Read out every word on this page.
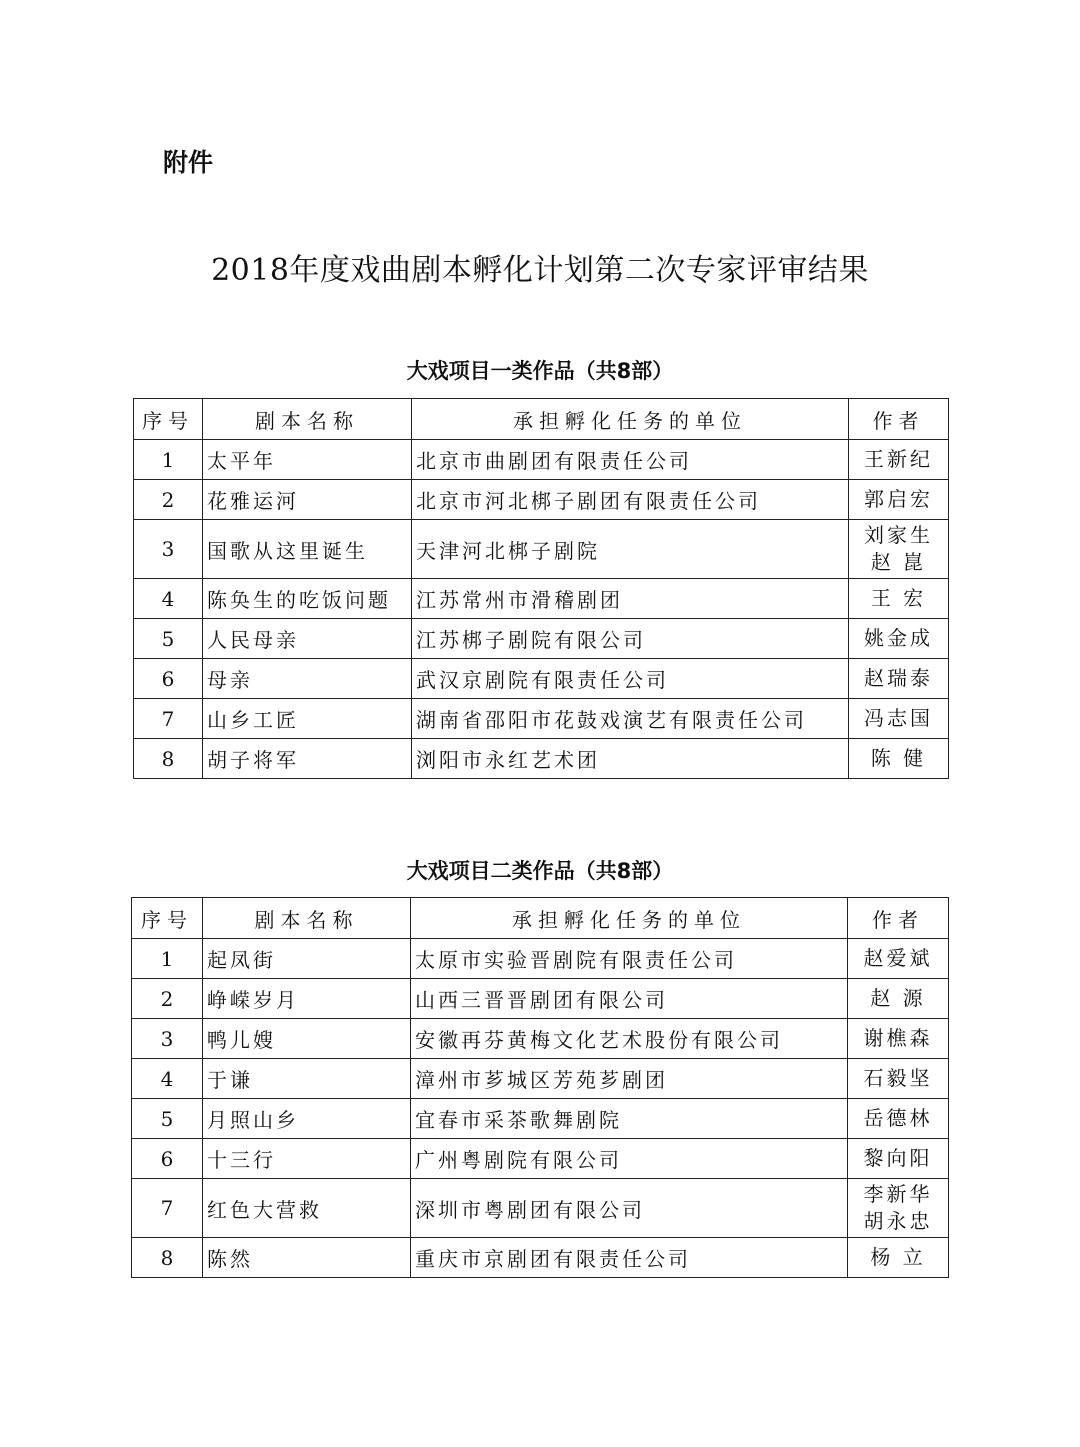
附件
2018年度戏曲剧本孵化计划第二次专家评审结果
大戏项目一类作品（共8部）
序号	剧本名称	承担孵化任务的单位	作者
1	太平年	北京市曲剧团有限责任公司	王新纪

2	花雅运河	北京市河北梆子剧团有限责任公司	郭启宏

3	国歌从这里诞生	天津河北梆子剧院	刘家生
赵 崑

4	陈奂生的吃饭问题	江苏常州市滑稽剧团	王 宏

5	人民母亲	江苏梆子剧院有限公司	姚金成

6	母亲	武汉京剧院有限责任公司	赵瑞泰

7	山乡工匠	湖南省邵阳市花鼓戏演艺有限责任公司	冯志国

8	胡子将军	浏阳市永红艺术团	陈 健
大戏项目二类作品（共8部）
序号	剧本名称	承担孵化任务的单位	作者
1	起凤街	太原市实验晋剧院有限责任公司	赵爱斌

2	峥嵘岁月	山西三晋晋剧团有限公司	赵 源

3	鸭儿嫂	安徽再芬黄梅文化艺术股份有限公司	谢樵森

4	于谦	漳州市芗城区芳苑芗剧团	石毅坚

5	月照山乡	宜春市采茶歌舞剧院	岳德林

6	十三行	广州粤剧院有限公司	黎向阳

7	红色大营救	深圳市粤剧团有限公司	李新华
胡永忠

8	陈然	重庆市京剧团有限责任公司	杨 立
